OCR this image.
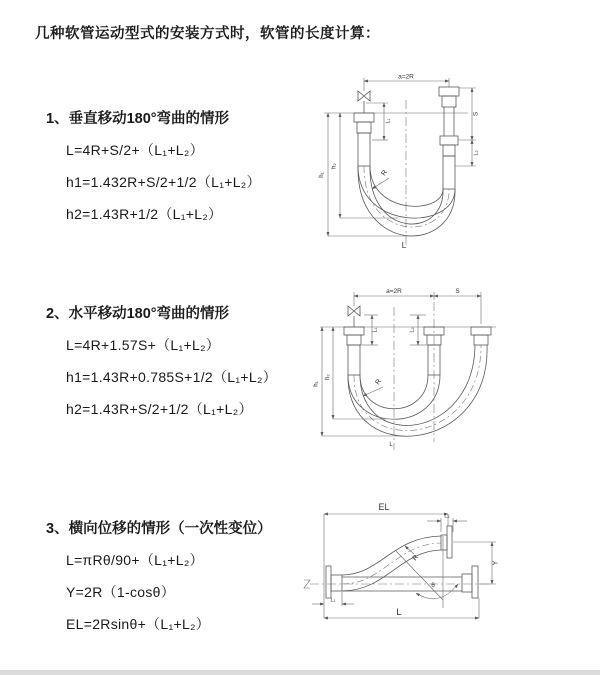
几种软管运动型式的安装方式时，软管的长度计算：

1、垂直移动180°弯曲的情形

L=4R+S/2+（L₁+L₂）

h1=1.432R+S/2+1/2（L₁+L₂）

h2=1.43R+1/2（L₁+L₂）

2、水平移动180°弯曲的情形

L=4R+1.57S+（L₁+L₂）

h1=1.43R+0.785S+1/2（L₁+L₂）

h2=1.43R+S/2+1/2（L₁+L₂）

3、横向位移的情形（一次性变位）

L=πRθ/90+（L₁+L₂）

Y=2R（1-cosθ）

EL=2Rsinθ+（L₁+L₂）

a=2R
S
L₂
L₁
h₁
h₂
R
L
a=2R	S
h₁
h₂
L₁	L₂
R
L
θ
EL
L₂
Y
L₁
L
R
